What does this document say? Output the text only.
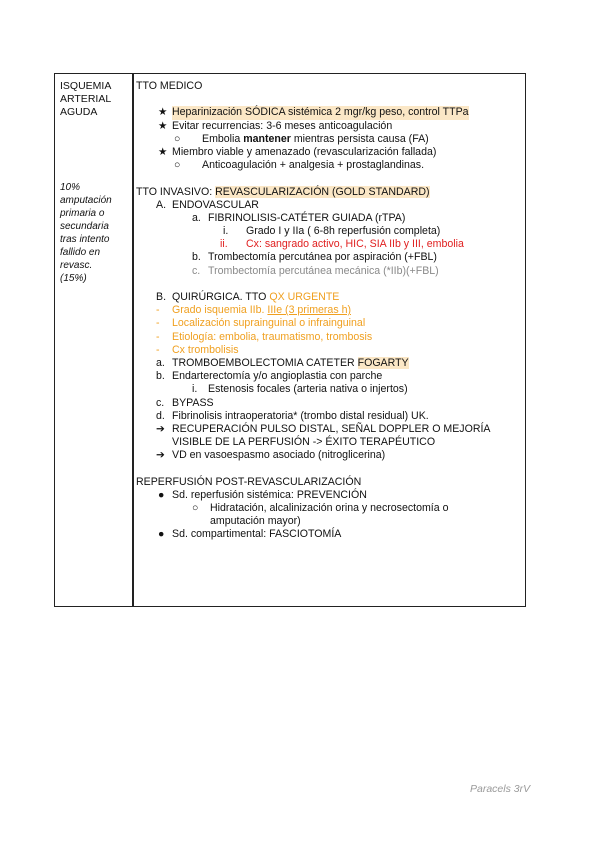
ISQUEMIA
ARTERIAL
AGUDA
10%
amputación
primaria o
secundaria
tras intento
fallido en
revasc.
(15%)
TTO MEDICO
★ Heparinización SÓDICA sistémica 2 mgr/kg peso, control TTPa
★ Evitar recurrencias: 3-6 meses anticoagulación
○ Embolia mantener mientras persista causa (FA)
★ Miembro viable y amenazado (revascularización fallada)
○ Anticoagulación + analgesia + prostaglandinas.
TTO INVASIVO: REVASCULARIZACIÓN (GOLD STANDARD)
A. ENDOVASCULAR
a. FIBRINOLISIS-CATÉTER GUIADA (rTPA)
i. Grado I y IIa ( 6-8h reperfusión completa)
ii. Cx: sangrado activo, HIC, SIA IIb y III, embolia
b. Trombectomía percutánea por aspiración (+FBL)
c. Trombectomía percutánea mecánica (*IIb)(+FBL)
B. QUIRÚRGICA. TTO QX URGENTE
- Grado isquemia IIb. IIIe (3 primeras h)
- Localización suprainguinal o infrainguinal
- Etiología: embolia, traumatismo, trombosis
- Cx trombolisis
a. TROMBOEMBOLECTOMIA CATETER FOGARTY
b. Endarterectomía y/o angioplastia con parche
i. Estenosis focales (arteria nativa o injertos)
c. BYPASS
d. Fibrinolisis intraoperatoria* (trombo distal residual) UK.
➔ RECUPERACIÓN PULSO DISTAL, SEÑAL DOPPLER O MEJORÍA
VISIBLE DE LA PERFUSIÓN -> ÉXITO TERAPÉUTICO
➔ VD en vasoespasmo asociado (nitroglicerina)
REPERFUSIÓN POST-REVASCULARIZACIÓN
● Sd. reperfusión sistémica: PREVENCIÓN
○ Hidratación, alcalinización orina y necrosectomía o
amputación mayor)
● Sd. compartimental: FASCIOTOMÍA
Paracels 3rV
